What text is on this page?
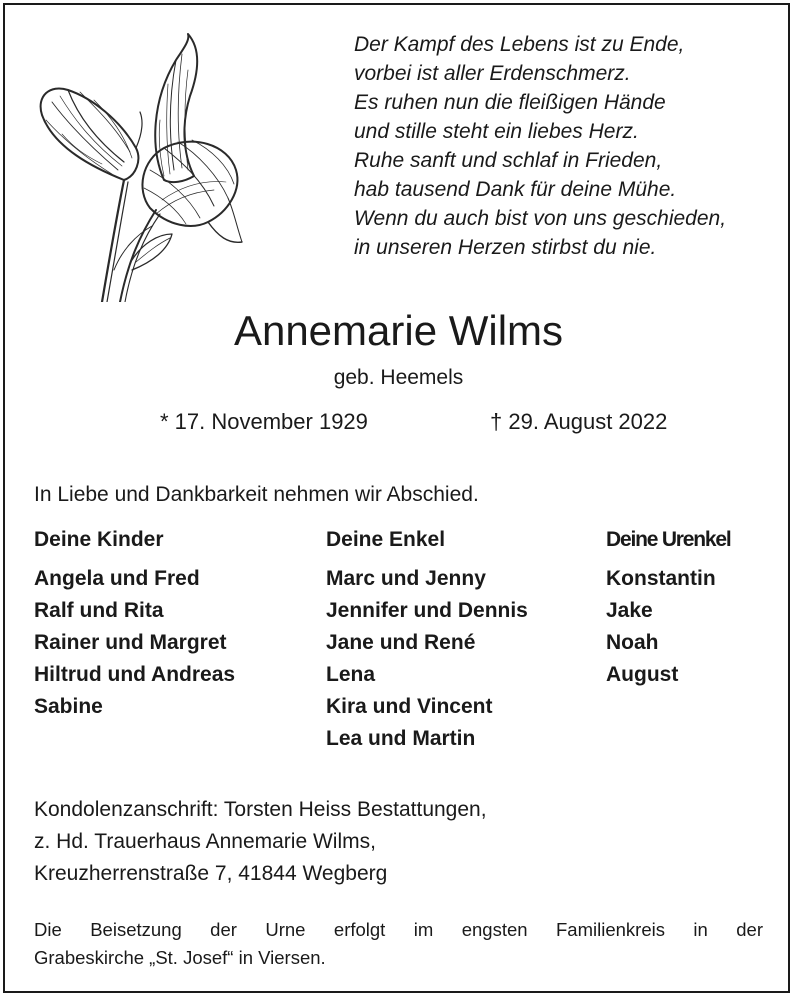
Der Kampf des Lebens ist zu Ende,
vorbei ist aller Erdenschmerz.
Es ruhen nun die fleißigen Hände
und stille steht ein liebes Herz.
Ruhe sanft und schlaf in Frieden,
hab tausend Dank für deine Mühe.
Wenn du auch bist von uns geschieden,
in unseren Herzen stirbst du nie.
Annemarie Wilms
geb. Heemels
* 17. November 1929	† 29. August 2022
In Liebe und Dankbarkeit nehmen wir Abschied.
Deine Kinder
Angela und Fred
Ralf und Rita
Rainer und Margret
Hiltrud und Andreas
Sabine
Deine Enkel
Marc und Jenny
Jennifer und Dennis
Jane und René
Lena
Kira und Vincent
Lea und Martin
Deine Urenkel
Konstantin
Jake
Noah
August
Kondolenzanschrift: Torsten Heiss Bestattungen,
z. Hd. Trauerhaus Annemarie Wilms,
Kreuzherrenstraße 7, 41844 Wegberg
Die Beisetzung der Urne erfolgt im engsten Familienkreis in der
Grabeskirche „St. Josef“ in Viersen.
